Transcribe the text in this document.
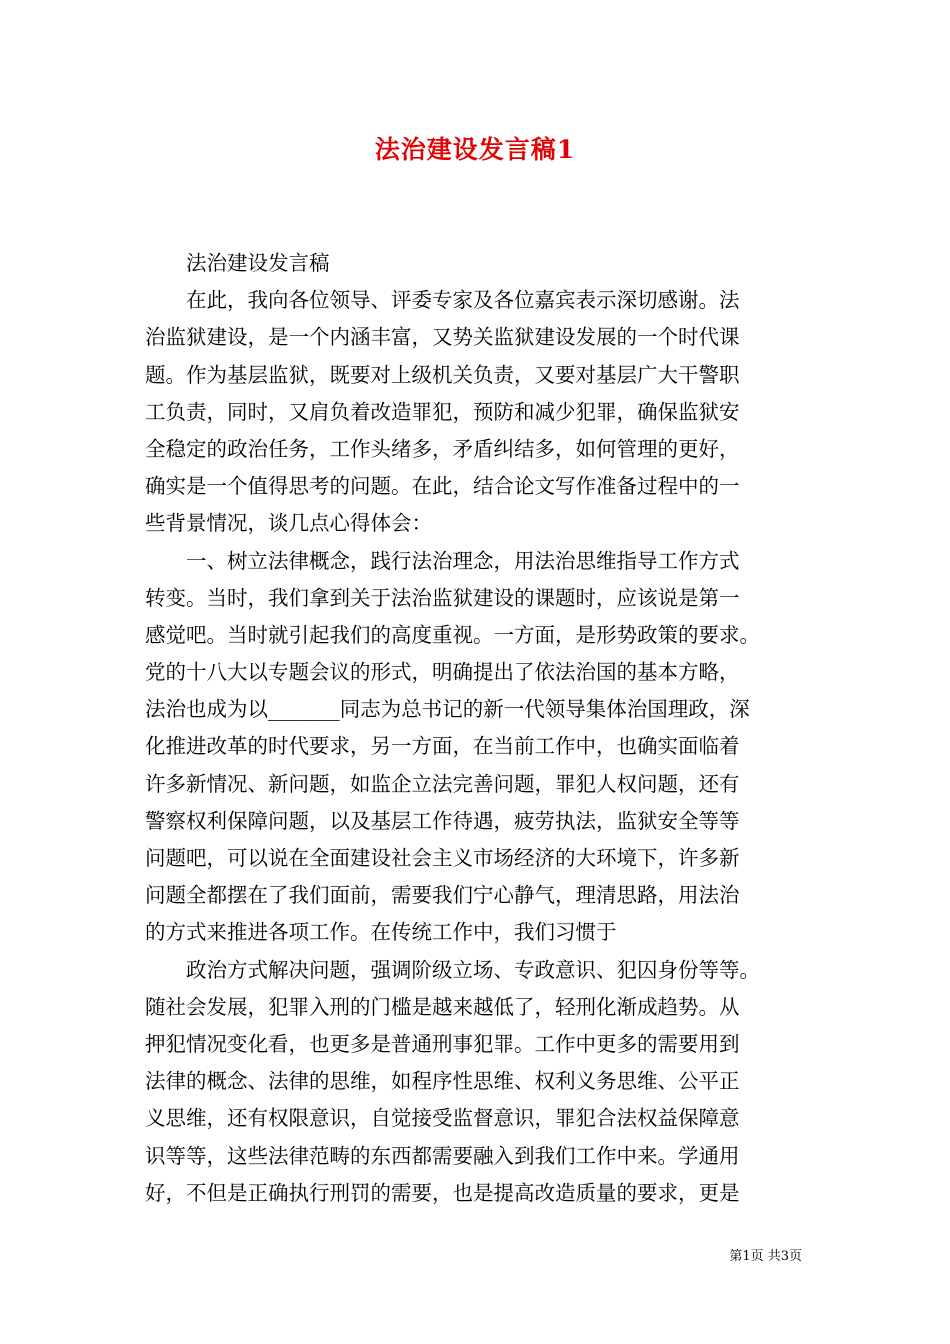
法治建设发言稿1
法治建设发言稿
在此，我向各位领导、评委专家及各位嘉宾表示深切感谢。法
治监狱建设，是一个内涵丰富，又势关监狱建设发展的一个时代课
题。作为基层监狱，既要对上级机关负责，又要对基层广大干警职
工负责，同时，又肩负着改造罪犯，预防和减少犯罪，确保监狱安
全稳定的政治任务，工作头绪多，矛盾纠结多，如何管理的更好，
确实是一个值得思考的问题。在此，结合论文写作准备过程中的一
些背景情况，谈几点心得体会：
一、树立法律概念，践行法治理念，用法治思维指导工作方式
转变。当时，我们拿到关于法治监狱建设的课题时，应该说是第一
感觉吧。当时就引起我们的高度重视。一方面，是形势政策的要求。
党的十八大以专题会议的形式，明确提出了依法治国的基本方略，
法治也成为以_______同志为总书记的新一代领导集体治国理政，深
化推进改革的时代要求，另一方面，在当前工作中，也确实面临着
许多新情况、新问题，如监企立法完善问题，罪犯人权问题，还有
警察权利保障问题，以及基层工作待遇，疲劳执法，监狱安全等等
问题吧，可以说在全面建设社会主义市场经济的大环境下，许多新
问题全都摆在了我们面前，需要我们宁心静气，理清思路，用法治
的方式来推进各项工作。在传统工作中，我们习惯于
政治方式解决问题，强调阶级立场、专政意识、犯囚身份等等。
随社会发展，犯罪入刑的门槛是越来越低了，轻刑化渐成趋势。从
押犯情况变化看，也更多是普通刑事犯罪。工作中更多的需要用到
法律的概念、法律的思维，如程序性思维、权利义务思维、公平正
义思维，还有权限意识，自觉接受监督意识，罪犯合法权益保障意
识等等，这些法律范畴的东西都需要融入到我们工作中来。学通用
好，不但是正确执行刑罚的需要，也是提高改造质量的要求，更是
第1页 共3页
